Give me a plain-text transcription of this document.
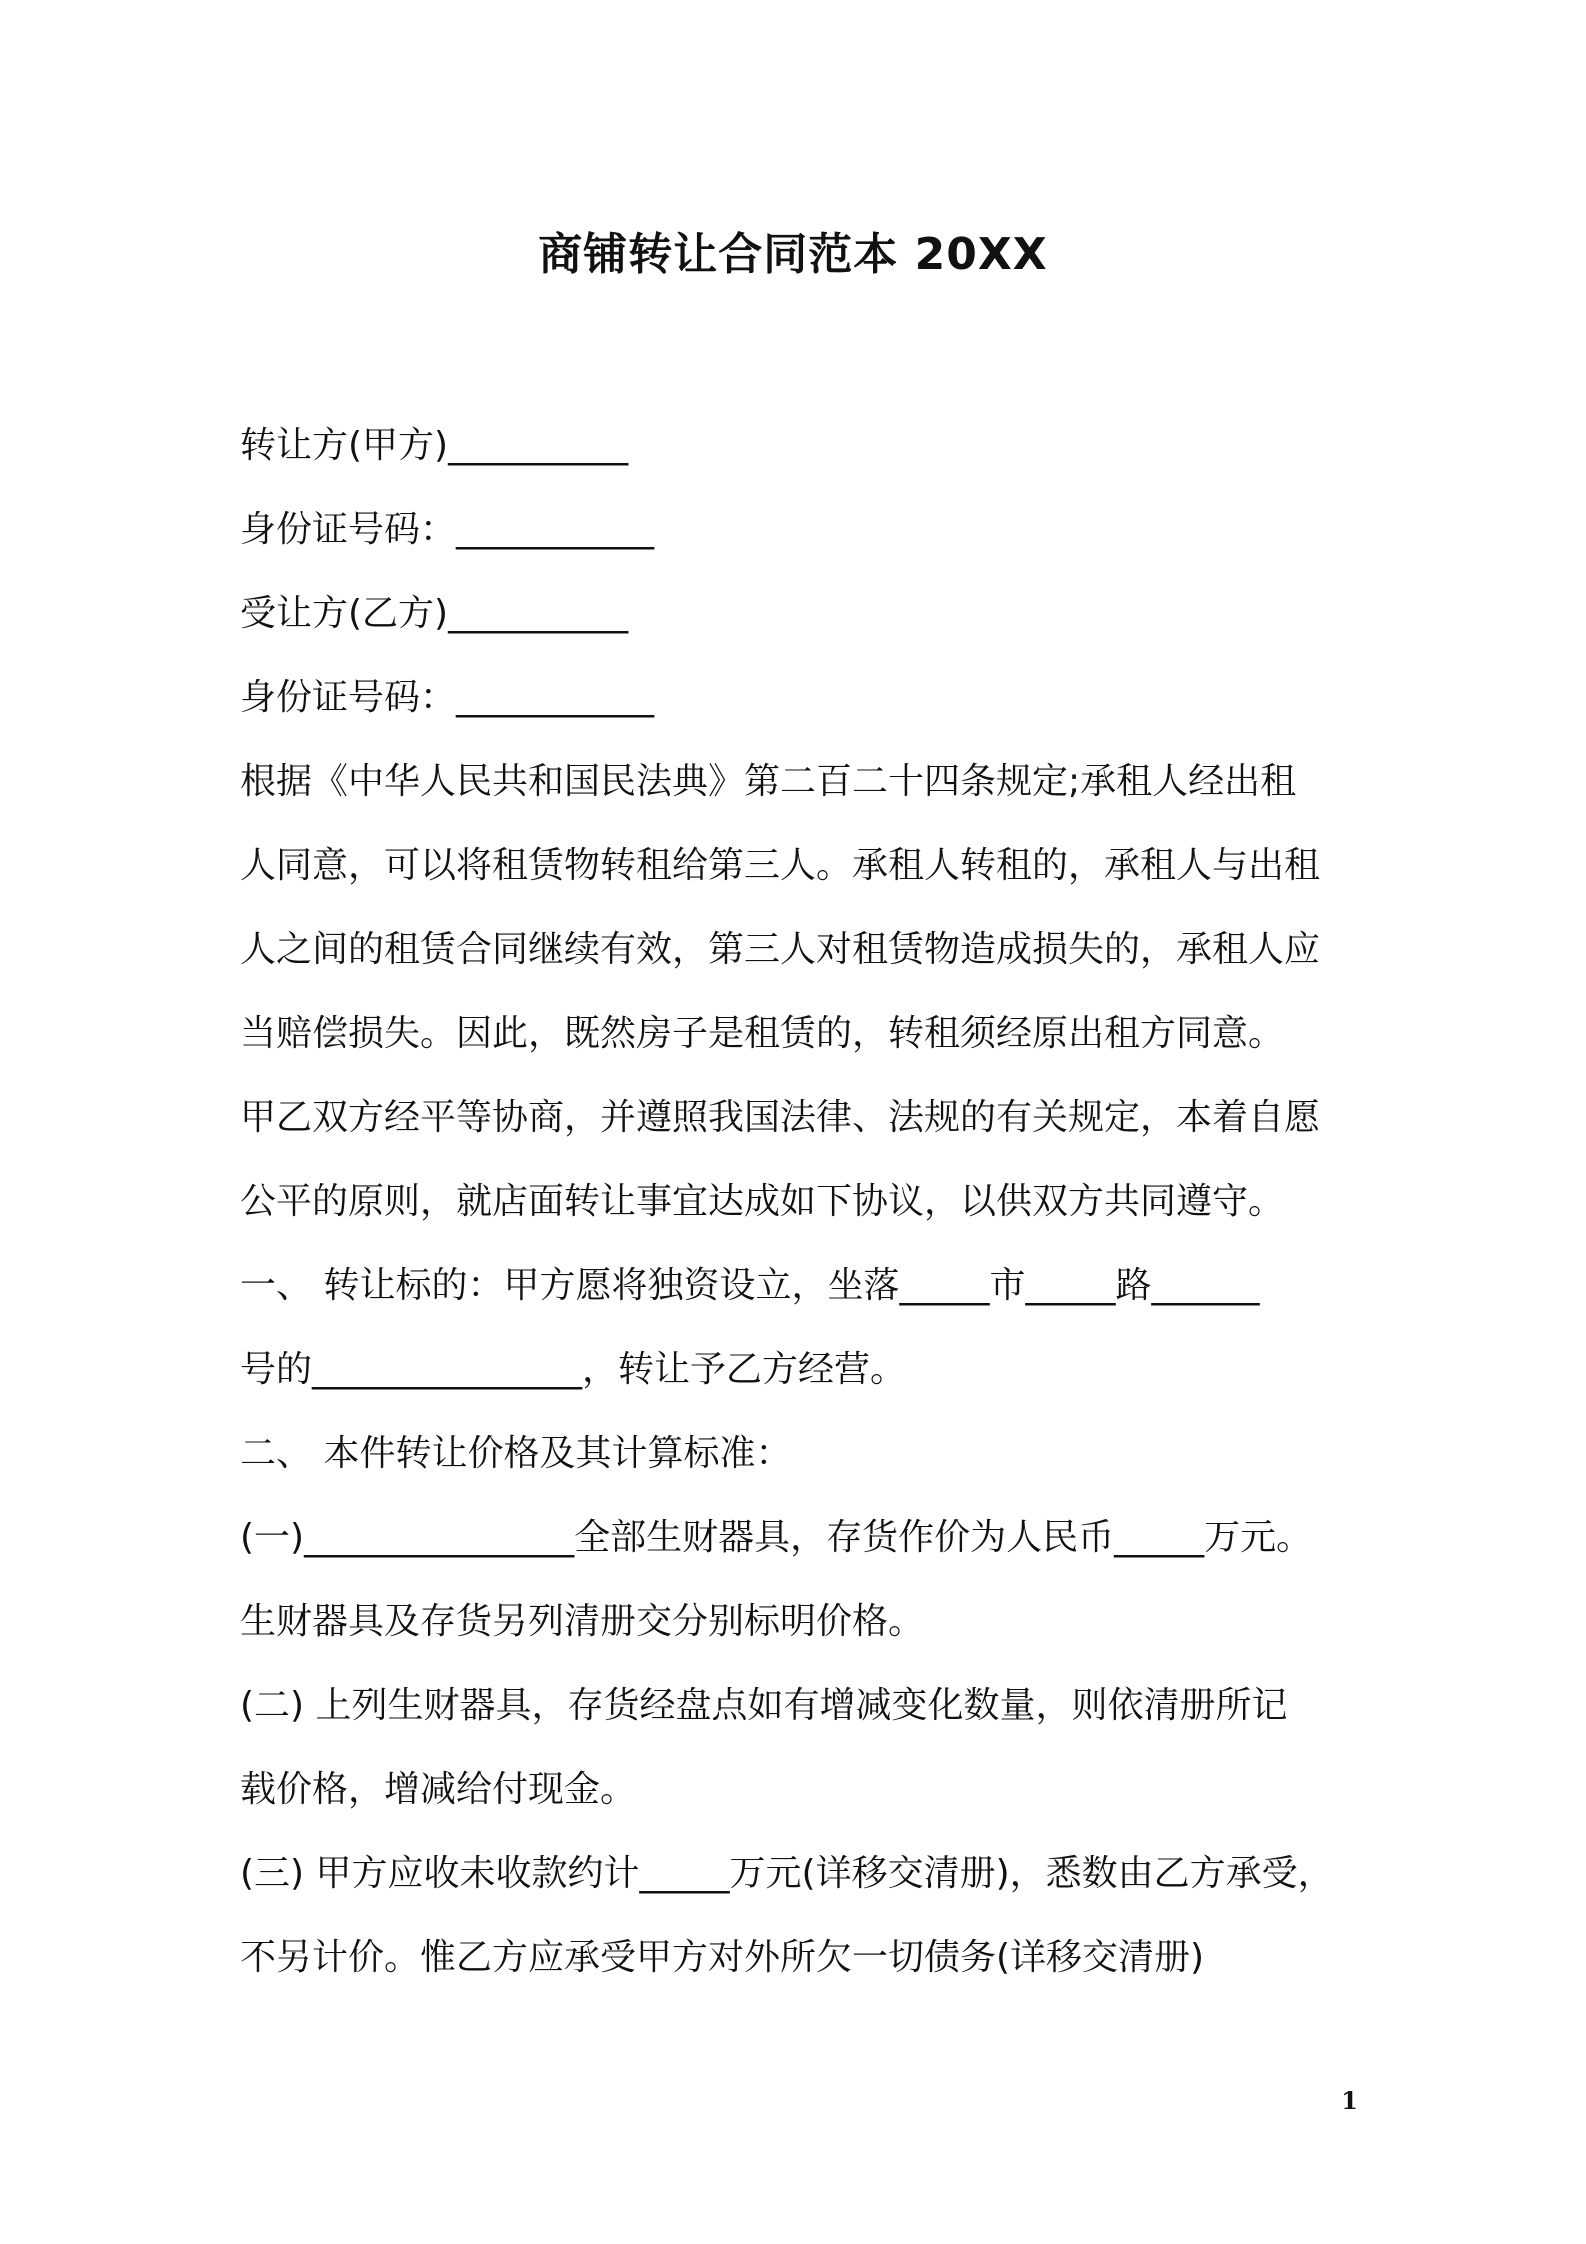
商铺转让合同范本 20XX
转让方(甲方)__________
身份证号码：___________
受让方(乙方)__________
身份证号码：___________
根据《中华人民共和国民法典》第二百二十四条规定;承租人经出租
人同意，可以将租赁物转租给第三人。承租人转租的，承租人与出租
人之间的租赁合同继续有效，第三人对租赁物造成损失的，承租人应
当赔偿损失。因此，既然房子是租赁的，转租须经原出租方同意。
甲乙双方经平等协商，并遵照我国法律、法规的有关规定，本着自愿
公平的原则，就店面转让事宜达成如下协议，以供双方共同遵守。
一、 转让标的：甲方愿将独资设立，坐落_____市_____路______
号的_______________，转让予乙方经营。
二、 本件转让价格及其计算标准：
(一)_______________全部生财器具，存货作价为人民币_____万元。
生财器具及存货另列清册交分别标明价格。
(二) 上列生财器具，存货经盘点如有增减变化数量，则依清册所记
载价格，增减给付现金。
(三) 甲方应收未收款约计_____万元(详移交清册)，悉数由乙方承受，
不另计价。惟乙方应承受甲方对外所欠一切债务(详移交清册)
1
